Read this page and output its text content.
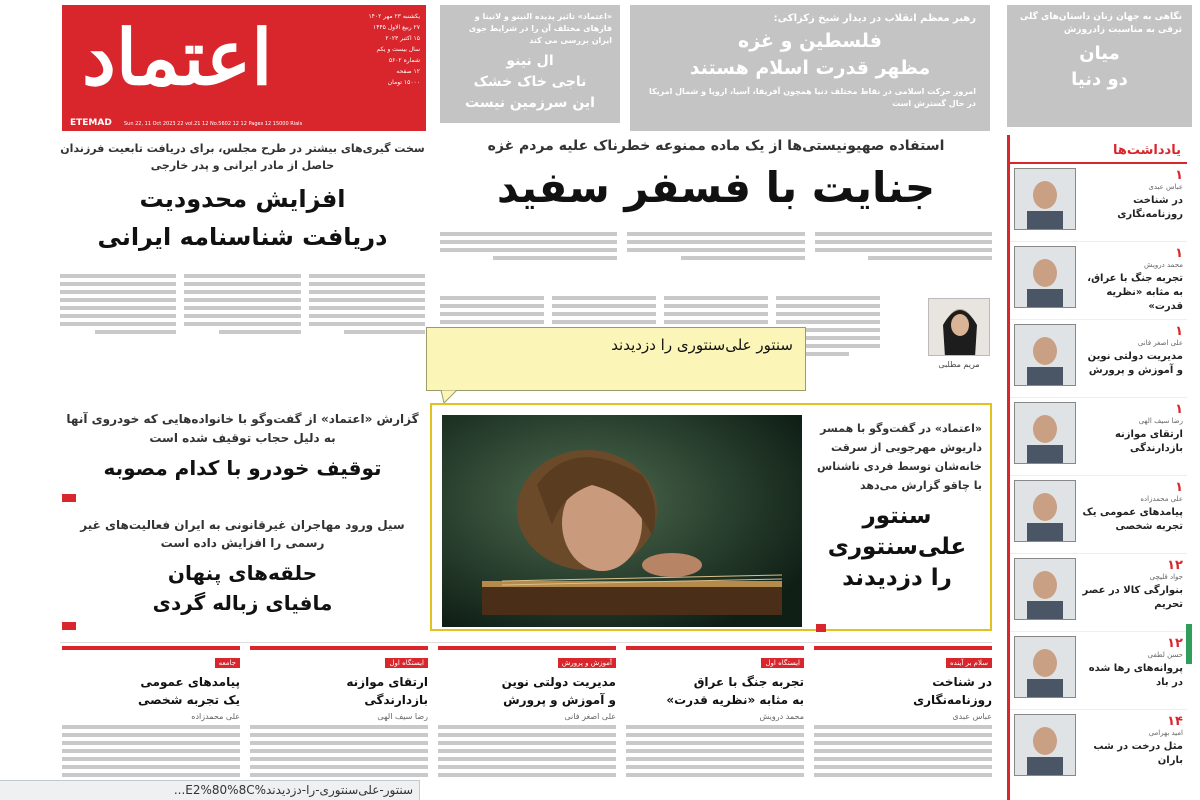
اعتماد	یکشنبه ۲۳ مهر ۱۴۰۲
۲۷ ربیع الاول ۱۴۴۵
۱۵ اکتبر ۲۰۲۳
سال بیست و یکم
شماره ۵۶۰۲
۱۲ صفحه
۱۵۰۰۰ تومان
ETEMAD Sun 22, 11 Oct 2023 22 vol.21 12 No.5602 12 12 Pages 12 15000 Rials
«اعتماد» تاثیر پدیده النینو و لانینا و فازهای مختلف آن را در شرایط جوی ایران بررسی می کند
ال نینو
ناجی خاک خشک
این سرزمین نیست
رهبر معظم انقلاب در دیدار شیخ زکزاکی:
فلسطین و غزه
مظهر قدرت اسلام هستند
امروز حرکت اسلامی در نقاط مختلف دنیا همچون آفریقا، آسیا، اروپا و شمال امریکا در حال گسترش است
نگاهی به جهان زنان داستان‌های گلی ترقی به مناسبت زادروزش
میان
دو دنیا
سخت گیری‌های بیشتر در طرح مجلس، برای دریافت تابعیت فرزندان حاصل از مادر ایرانی و پدر خارجی
افزایش محدودیت
دریافت شناسنامه ایرانی
استفاده صهیونیستی‌ها از یک ماده ممنوعه خطرناک علیه مردم غزه
جنایت با فسفر سفید
مریم مطلبی
سنتور علی‌سنتوری را دزدیدند
«اعتماد» در گفت‌وگو با همسر داریوش مهرجویی از سرقت خانه‌شان توسط فردی ناشناس با چاقو گزارش می‌دهد
سنتور
علی‌سنتوری
را دزدیدند
گزارش «اعتماد» از گفت‌وگو با خانواده‌هایی که خودروی آنها به دلیل حجاب توقیف شده است
توقیف خودرو با کدام مصوبه
سیل ورود مهاجران غیرقانونی به ایران فعالیت‌های غیر رسمی را افزایش داده است
حلقه‌های پنهان
مافیای زباله گردی
سلام بر آینده
در شناخت
روزنامه‌نگاری
عباس عبدی
ایستگاه اول
تجربه جنگ با عراق
به مثابه «نظریه قدرت»
محمد درویش
آموزش و پرورش
مدیریت دولتی نوین
و آموزش و پرورش
علی اصغر فانی
ایستگاه اول
ارتقای موازنه
بازدارندگی
رضا سیف الهی
جامعه
پیامدهای عمومی
یک تجربه شخصی
علی محمدزاده
یادداشت‌ها
۱
عباس عبدی
در شناخت روزنامه‌نگاری
۱
محمد درویش
تجربه جنگ با عراق، به مثابه «نظریه قدرت»
۱
علی اصغر فانی
مدیریت دولتی نوین و آموزش و پرورش
۱
رضا سیف الهی
ارتقای موازنه بازدارندگی
۱
علی محمدزاده
پیامدهای عمومی یک تجربه شخصی
۱۲
جواد قلیچی
بنوارگی کالا در عصر تحریم
۱۲
حسن لطفی
پروانه‌های رها شده در باد
۱۴
امید بهرامی
مثل درخت در شب باران
سنتور-علی‌سنتوری-را-دزدیدند%E2%80%8C...
